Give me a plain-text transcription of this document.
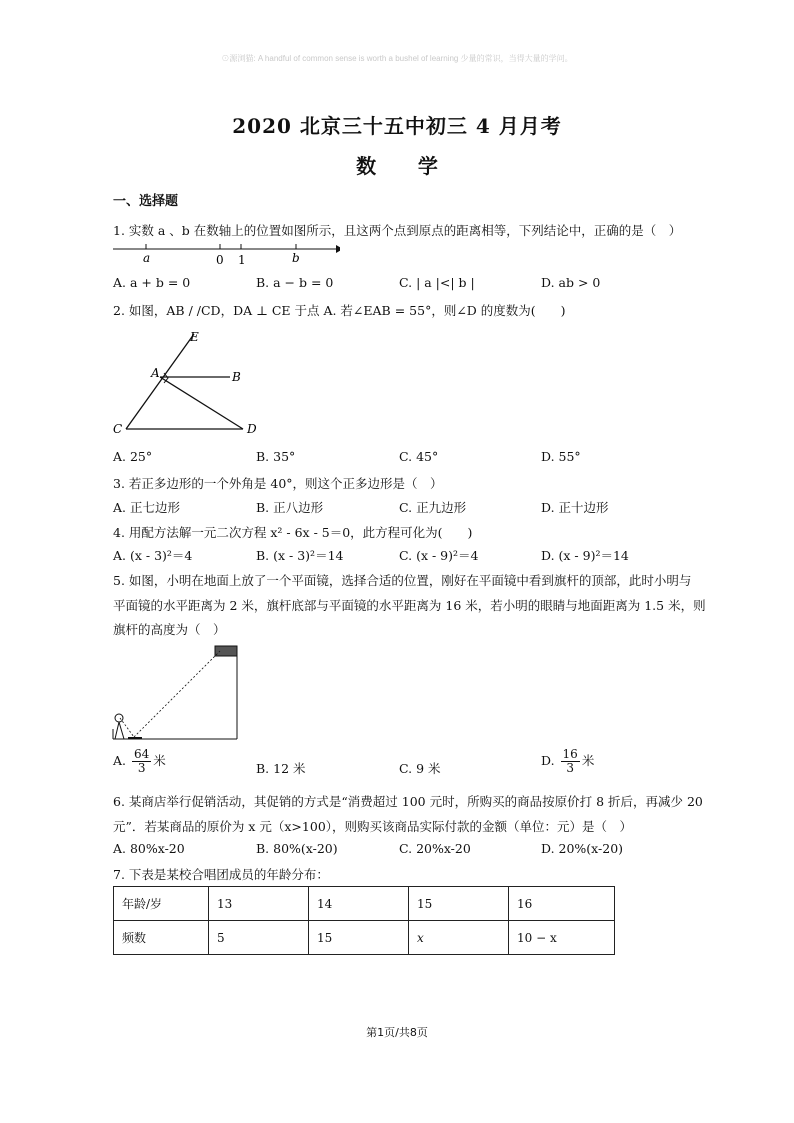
⊙源浏猫: A handful of common sense is worth a bushel of learning 少量的常识，当得大量的学问。
2020 北京三十五中初三 4 月月考
数      学
一、选择题
1. 实数 a 、b 在数轴上的位置如图所示，且这两个点到原点的距离相等，下列结论中，正确的是（　）
a	0 1	b
A. a + b = 0	B. a − b = 0	C. | a |<| b |	D. ab > 0
2. 如图，AB / /CD，DA ⊥ CE 于点 A. 若∠EAB = 55°，则∠D 的度数为(　　)
E
A	B
C	D
A. 25°	B. 35°	C. 45°	D. 55°
3. 若正多边形的一个外角是 40°，则这个正多边形是（　）
A. 正七边形	B. 正八边形	C. 正九边形	D. 正十边形
4. 用配方法解一元二次方程 x² - 6x - 5＝0，此方程可化为(　　)
A. (x - 3)²＝4	B. (x - 3)²＝14	C. (x - 9)²＝4	D. (x - 9)²＝14
5. 如图，小明在地面上放了一个平面镜，选择合适的位置，刚好在平面镜中看到旗杆的顶部，此时小明与
平面镜的水平距离为 2 米，旗杆底部与平面镜的水平距离为 16 米，若小明的眼睛与地面距离为 1.5 米，则
旗杆的高度为（　）
A. $\frac{64}{3}$ 米
B. 12 米	C. 9 米
D. $\frac{16}{3}$ 米
6. 某商店举行促销活动，其促销的方式是“消费超过 100 元时，所购买的商品按原价打 8 折后，再减少 20
元”．若某商品的原价为 x 元（x>100），则购买该商品实际付款的金额（单位：元）是（　）
A. 80%x-20	B. 80%(x-20)	C. 20%x-20	D. 20%(x-20)
7. 下表是某校合唱团成员的年龄分布：
年龄/岁	13	14	15	16
频数	5	15	x	10 − x
第1页/共8页
